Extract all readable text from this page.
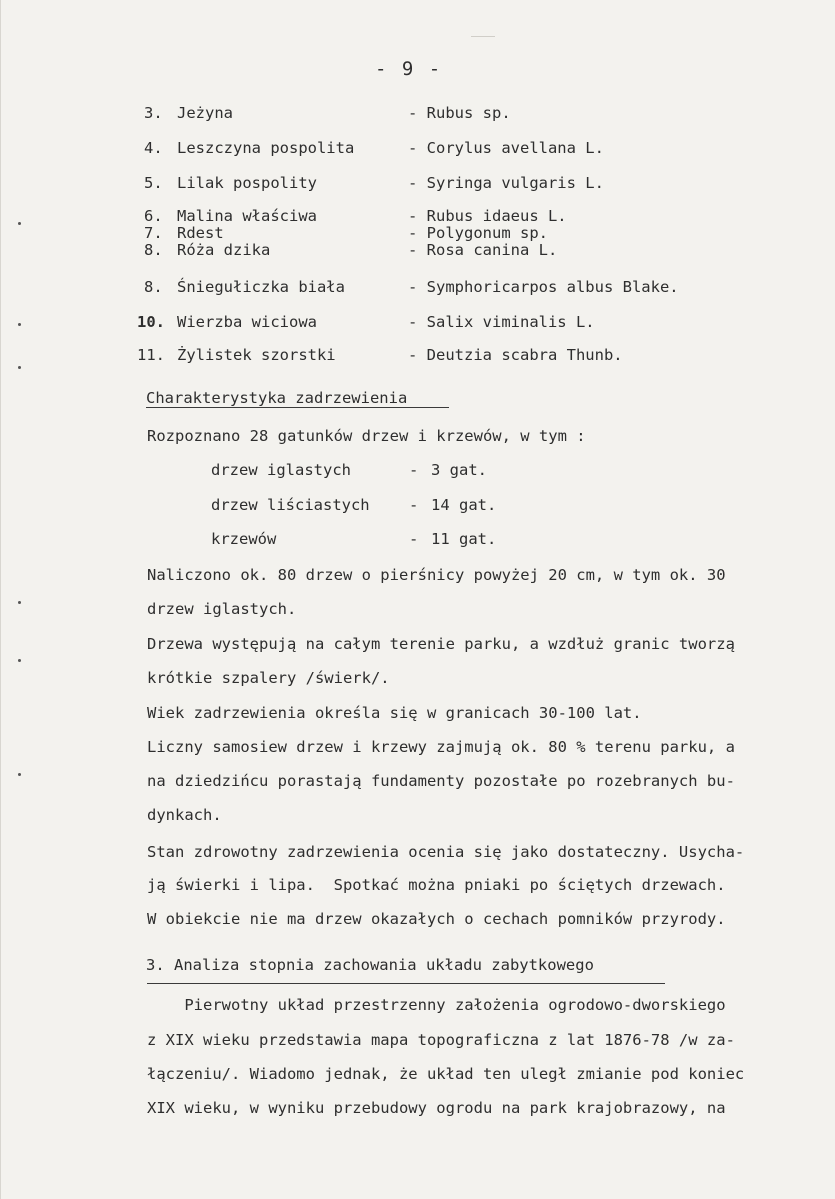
- 9 -
3. Jeżyna	- Rubus sp.
4. Leszczyna pospolita	- Corylus avellana L.
5. Lilak pospolity	- Syringa vulgaris L.
6. Malina właściwa	- Rubus idaeus L.
7. Rdest	- Polygonum sp.
8. Róża dzika	- Rosa canina L.
8. Śniegułiczka biała	- Symphoricarpos albus Blake.
10. Wierzba wiciowa	- Salix viminalis L.
11. Żylistek szorstki	- Deutzia scabra Thunb.
Charakterystyka zadrzewienia
Rozpoznano 28 gatunków drzew i krzewów, w tym :
drzew iglastych	- 3 gat.
drzew liściastych	- 14 gat.
krzewów	- 11 gat.
Naliczono ok. 80 drzew o pierśnicy powyżej 20 cm, w tym ok. 30
drzew iglastych.
Drzewa występują na całym terenie parku, a wzdłuż granic tworzą
krótkie szpalery /świerk/.
Wiek zadrzewienia określa się w granicach 30-100 lat.
Liczny samosiew drzew i krzewy zajmują ok. 80 % terenu parku, a
na dziedzińcu porastają fundamenty pozostałe po rozebranych bu-
dynkach.
Stan zdrowotny zadrzewienia ocenia się jako dostateczny. Usycha-
ją świerki i lipa.  Spotkać można pniaki po ściętych drzewach.
W obiekcie nie ma drzew okazałych o cechach pomników przyrody.
3. Analiza stopnia zachowania układu zabytkowego
Pierwotny układ przestrzenny założenia ogrodowo-dworskiego
z XIX wieku przedstawia mapa topograficzna z lat 1876-78 /w za-
łączeniu/. Wiadomo jednak, że układ ten uległ zmianie pod koniec
XIX wieku, w wyniku przebudowy ogrodu na park krajobrazowy, na
